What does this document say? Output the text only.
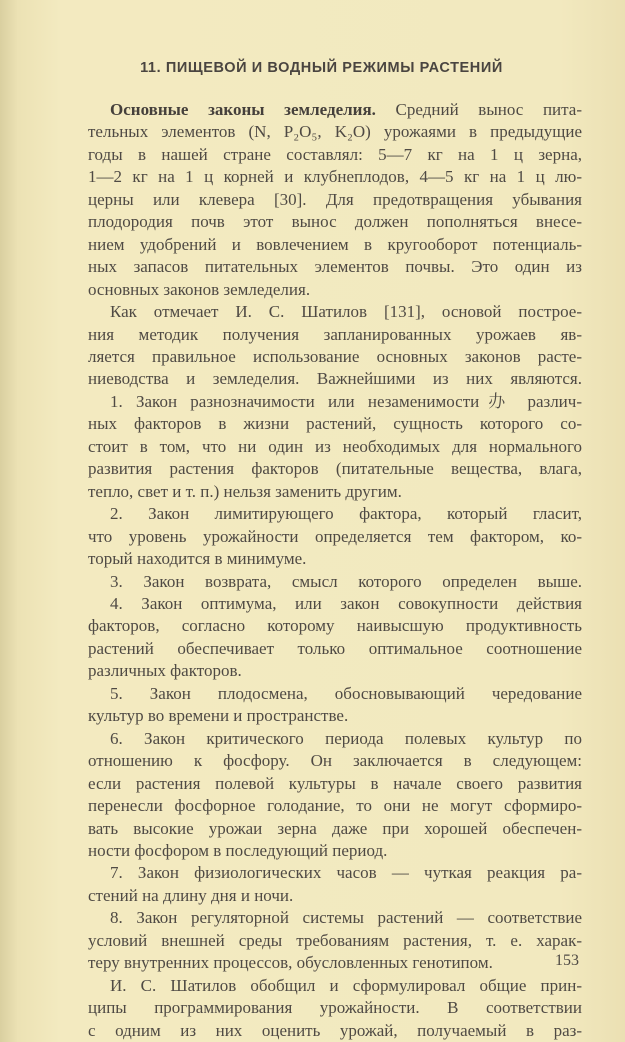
11. ПИЩЕВОЙ И ВОДНЫЙ РЕЖИМЫ РАСТЕНИЙ
Основные законы земледелия. Средний вынос пита-
тельных элементов (N, P₂O₅, K₂O) урожаями в предыдущие
годы в нашей стране составлял: 5—7 кг на 1 ц зерна,
1—2 кг на 1 ц корней и клубнеплодов, 4—5 кг на 1 ц лю-
церны или клевера [30]. Для предотвращения убывания
плодородия почв этот вынос должен пополняться внесе-
нием удобрений и вовлечением в кругооборот потенциаль-
ных запасов питательных элементов почвы. Это один из
основных законов земледелия.
Как отмечает И. С. Шатилов [131], основой построе-
ния методик получения запланированных урожаев яв-
ляется правильное использование основных законов расте-
ниеводства и земледелия. Важнейшими из них являются.
1. Закон разнозначимости или незаменимости办 различ-
ных факторов в жизни растений, сущность которого со-
стоит в том, что ни один из необходимых для нормального
развития растения факторов (питательные вещества, влага,
тепло, свет и т. п.) нельзя заменить другим.
2. Закон лимитирующего фактора, который гласит,
что уровень урожайности определяется тем фактором, ко-
торый находится в минимуме.
3. Закон возврата, смысл которого определен выше.
4. Закон оптимума, или закон совокупности действия
факторов, согласно которому наивысшую продуктивность
растений обеспечивает только оптимальное соотношение
различных факторов.
5. Закон плодосмена, обосновывающий чередование
культур во времени и пространстве.
6. Закон критического периода полевых культур по
отношению к фосфору. Он заключается в следующем:
если растения полевой культуры в начале своего развития
перенесли фосфорное голодание, то они не могут сформиро-
вать высокие урожаи зерна даже при хорошей обеспечен-
ности фосфором в последующий период.
7. Закон физиологических часов — чуткая реакция ра-
стений на длину дня и ночи.
8. Закон регуляторной системы растений — соответствие
условий внешней среды требованиям растения, т. е. харак-
теру внутренних процессов, обусловленных генотипом.
И. С. Шатилов обобщил и сформулировал общие прин-
ципы программирования урожайности. В соответствии
с одним из них оценить урожай, получаемый в раз-
153
